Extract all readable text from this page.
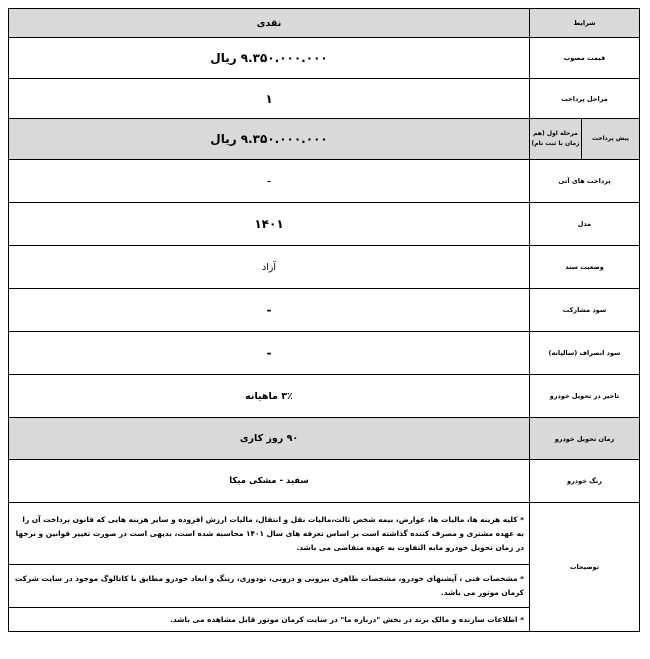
شرایط		نقدی
قیمت مصوب		۹.۳۵۰.۰۰۰.۰۰۰ ریال
مراحل پرداخت		۱
پیش پرداخت	مرحله اول (هم زمان با ثبت نام)	۹.۳۵۰.۰۰۰.۰۰۰ ریال
پرداخت های آتی		-
مدل		۱۴۰۱
وضعیت سند		آزاد
سود مشارکت		-
سود انصراف (سالیانه)		-
تاخیر در تحویل خودرو		۳٪ ماهیانه
زمان تحویل خودرو		۹۰ روز کاری
رنگ خودرو		سفید - مشکی میکا
توضیحات		* کلیه هزینه ها، مالیات ها، عوارض، بیمه شخص ثالث،مالیات نقل و انتقال، مالیات ارزش افزوده و سایر هزینه هایی که قانون پرداخت آن را به عهده مشتری و مصرف کننده گذاشته است بر اساس تعرفه های سال ۱۴۰۱ محاسبه شده است، بدیهی است در صورت تغییر قوانین و نرخها در زمان تحویل خودرو مابه التفاوت به عهده متقاضی می باشد.
		* مشخصات فنی ، آپشنهای خودرو، مشخصات ظاهری بیرونی و درونی، تودوزی، رینگ و ابعاد خودرو مطابق با کاتالوگ موجود در سایت شرکت کرمان موتور می باشد.
		* اطلاعات سازنده و مالک برند در بخش "درباره ما" در سایت کرمان موتور قابل مشاهده می باشد.
